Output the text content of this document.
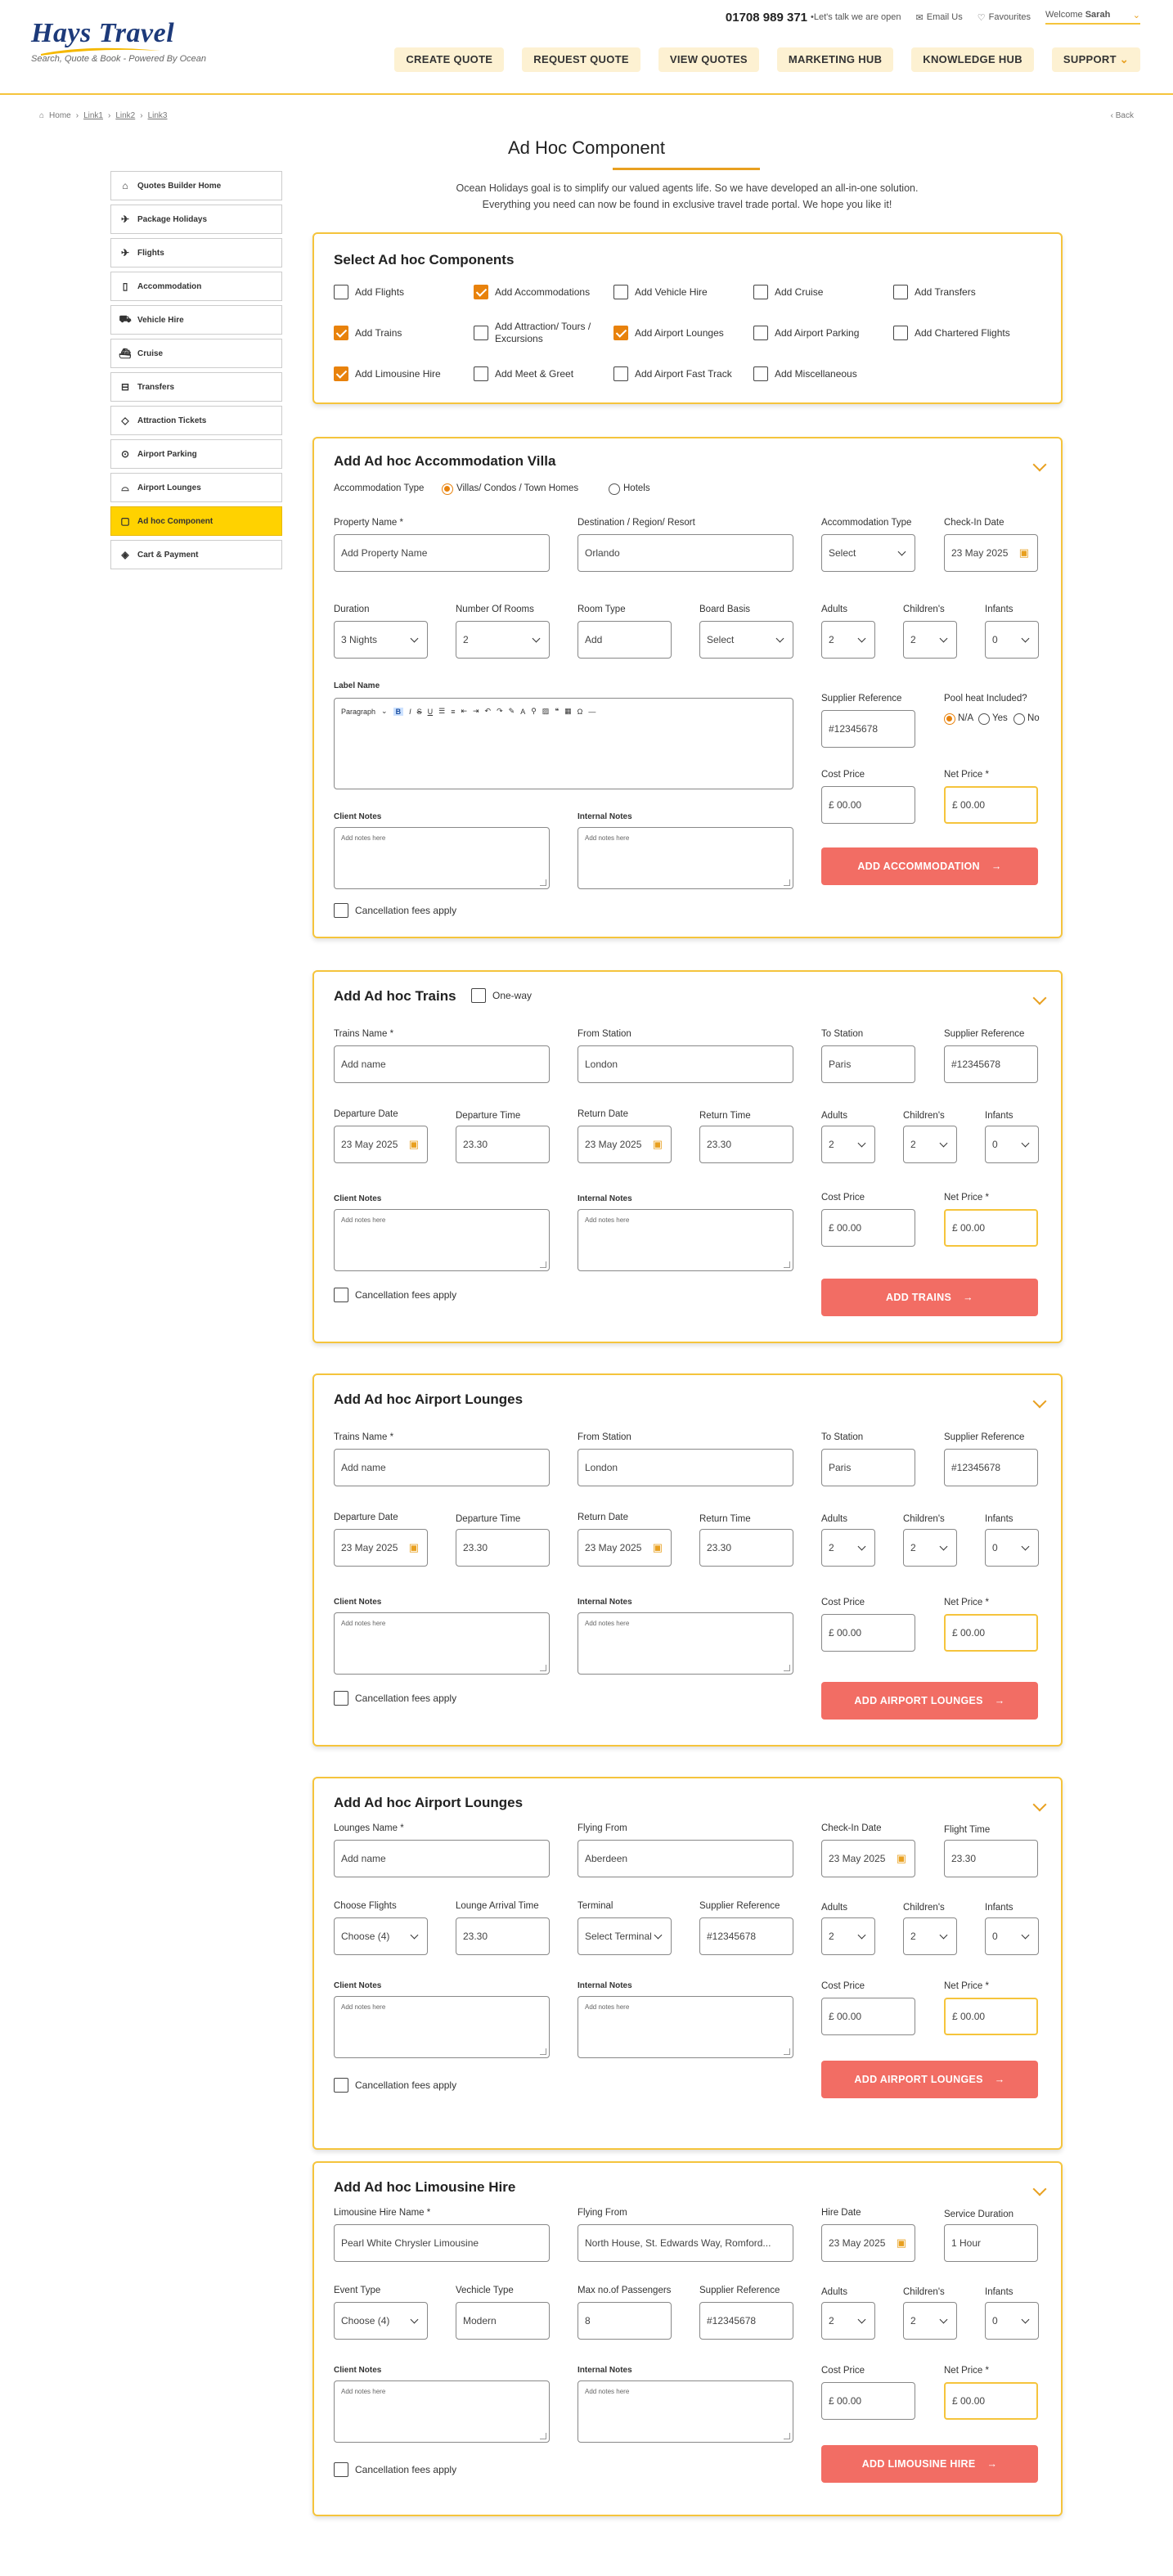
Hays Travel
Search, Quote & Book - Powered By Ocean
01708 989 371 •Let's talk we are open ✉ Email Us ♡ Favourites Welcome Sarah ⌄
CREATE QUOTE	REQUEST QUOTE	VIEW QUOTES	MARKETING HUB	KNOWLEDGE HUB	SUPPORT ⌄
⌂ Home › Link1 › Link2 › Link3	‹ Back
Ad Hoc Component
Ocean Holidays goal is to simplify our valued agents life. So we have developed an all-in-one solution. Everything you need can now be found in exclusive travel trade portal. We hope you like it!
⌂	Quotes Builder Home
✈ Package Holidays
✈ Flights
▯	Accommodation
⛟ Vehicle Hire
⛴ Cruise
⊟ Transfers
◇ Attraction Tickets
⊙ Airport Parking
⌓ Airport Lounges
▢ Ad hoc Component
◈ Cart & Payment
Select Ad hoc Components
Add Flights	Add Accommodations	Add Vehicle Hire	Add Cruise	Add Transfers
Add Trains
Add Attraction/ Tours / Excursions	Add Airport Lounges	Add Airport Parking	Add Chartered Flights
Add Limousine Hire	Add Meet & Greet	Add Airport Fast Track	Add Miscellaneous
Add Ad hoc Accommodation Villa
Accommodation Type	Villas/ Condos / Town Homes	Hotels
Property Name *
Add Property Name
Destination / Region/ Resort
Orlando
Accommodation Type
Select
Check-In Date
23 May 2025 ▣
Duration
3 Nights
Number Of Rooms
2
Room Type
Add
Board Basis
Select
Adults
2
Children's
2
Infants
0
Label Name
Paragraph ⌄	B	I S U ☰ ≡ ⇤ ⇥ ↶ ↷ ✎ A ⚲ ▨ ❝ ▦ Ω —
Supplier Reference
#12345678
Pool heat Included?
N/A Yes No
Cost Price
£ 00.00
Net Price *
£ 00.00
Client Notes
Add notes here
Internal Notes
Add notes here
ADD ACCOMMODATION →
Cancellation fees apply
Add Ad hoc Trains	One-way
Trains Name *
Add name
From Station
London
To Station
Paris
Supplier Reference
#12345678
Departure Date
23 May 2025 ▣
Departure Time
23.30
Return Date
23 May 2025 ▣
Return Time
23.30
Adults
2
Children's
2
Infants
0
Client Notes
Add notes here
Internal Notes
Add notes here
Cost Price
£ 00.00
Net Price *
£ 00.00
Cancellation fees apply	ADD TRAINS →
Add Ad hoc Airport Lounges
Trains Name *
Add name
From Station
London
To Station
Paris
Supplier Reference
#12345678
Departure Date
23 May 2025 ▣
Departure Time
23.30
Return Date
23 May 2025 ▣
Return Time
23.30
Adults
2
Children's
2
Infants
0
Client Notes
Add notes here
Internal Notes
Add notes here
Cost Price
£ 00.00
Net Price *
£ 00.00
Cancellation fees apply	ADD AIRPORT LOUNGES →
Add Ad hoc Airport Lounges
Lounges Name *
Add name
Flying From
Aberdeen
Check-In Date
23 May 2025 ▣
Flight Time
23.30
Choose Flights
Choose (4)
Lounge Arrival Time
23.30
Terminal
Select Terminal
Supplier Reference
#12345678
Adults
2
Children's
2
Infants
0
Client Notes
Add notes here
Internal Notes
Add notes here
Cost Price
£ 00.00
Net Price *
£ 00.00
Cancellation fees apply	ADD AIRPORT LOUNGES →
Add Ad hoc Limousine Hire
Limousine Hire Name *
Pearl White Chrysler Limousine
Flying From
North House, St. Edwards Way, Romford...
Hire Date
23 May 2025 ▣
Service Duration
1 Hour
Event Type
Choose (4)
Vechicle Type
Modern
Max no.of Passengers
8
Supplier Reference
#12345678
Adults
2
Children's
2
Infants
0
Client Notes
Add notes here
Internal Notes
Add notes here
Cost Price
£ 00.00
Net Price *
£ 00.00
Cancellation fees apply	ADD LIMOUSINE HIRE →
